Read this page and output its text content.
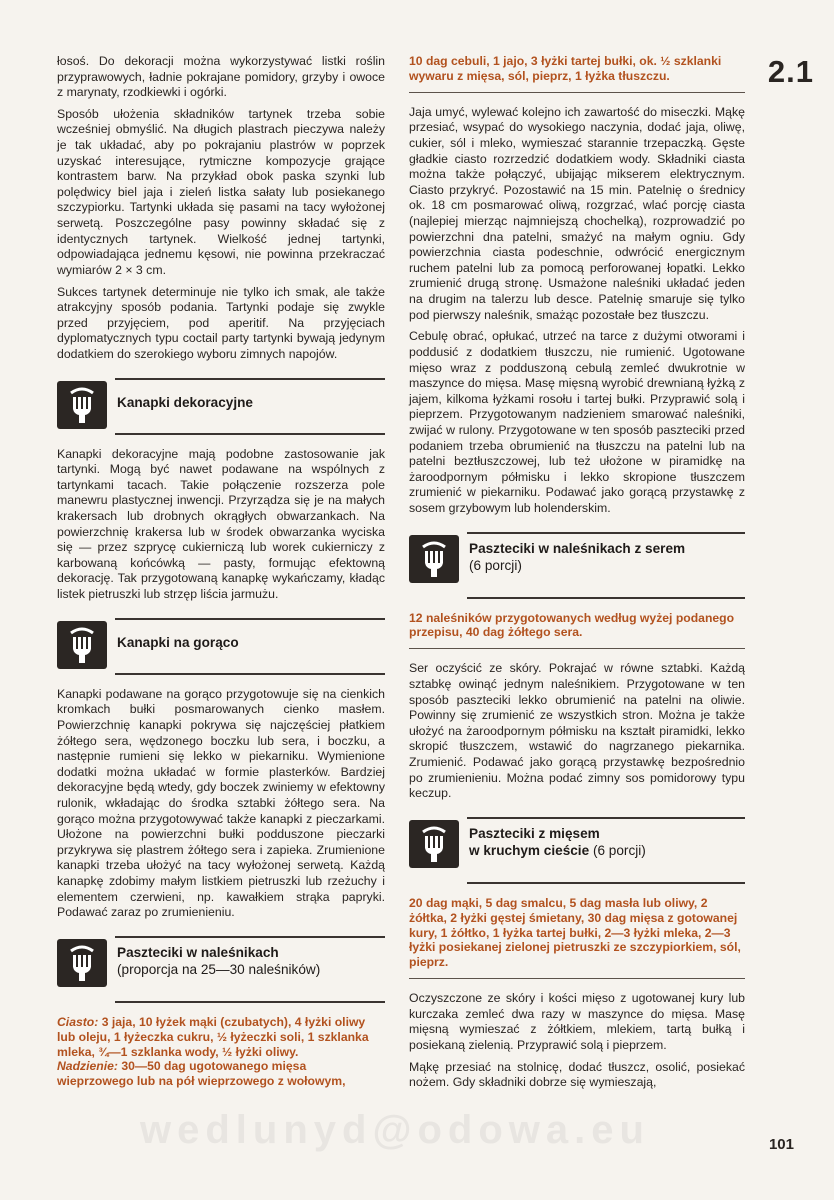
2.1

łosoś. Do dekoracji można wykorzystywać listki roślin przyprawowych, ładnie pokrajane pomidory, grzyby i owoce z marynaty, rzodkiewki i ogórki.

Sposób ułożenia składników tartynek trzeba sobie wcześniej obmyślić. Na długich plastrach pieczywa należy je tak układać, aby po pokrajaniu plastrów w poprzek uzyskać interesujące, rytmiczne kompozycje grające kontrastem barw. Na przykład obok paska szynki lub polędwicy biel jaja i zieleń listka sałaty lub posiekanego szczypiorku. Tartynki układa się pasami na tacy wyłożonej serwetą. Poszczególne pasy powinny składać się z identycznych tartynek. Wielkość jednej tartynki, odpowiadająca jednemu kęsowi, nie powinna przekraczać wymiarów 2 × 3 cm.

Sukces tartynek determinuje nie tylko ich smak, ale także atrakcyjny sposób podania. Tartynki podaje się zwykle przed przyjęciem, pod aperitif. Na przyjęciach dyplomatycznych typu coctail party tartynki bywają jedynym dodatkiem do szerokiego wyboru zimnych napojów.

Kanapki dekoracyjne

Kanapki dekoracyjne mają podobne zastosowanie jak tartynki. Mogą być nawet podawane na wspólnych z tartynkami tacach. Takie połączenie rozszerza pole manewru plastycznej inwencji. Przyrządza się je na małych krakersach lub drobnych okrągłych obwarzankach. Na powierzchnię krakersa lub w środek obwarzanka wyciska się — przez szprycę cukierniczą lub worek cukierniczy z karbowaną końcówką — pasty, formując efektowną dekorację. Tak przygotowaną kanapkę wykańczamy, kładąc listek pietruszki lub strzęp liścia jarmużu.

Kanapki na gorąco

Kanapki podawane na gorąco przygotowuje się na cienkich kromkach bułki posmarowanych cienko masłem. Powierzchnię kanapki pokrywa się najczęściej płatkiem żółtego sera, wędzonego boczku lub sera, i boczku, a następnie rumieni się lekko w piekarniku. Wymienione dodatki można układać w formie plasterków. Bardziej dekoracyjne będą wtedy, gdy boczek zwiniemy w efektowny rulonik, wkładając do środka sztabki żółtego sera. Na gorąco można przygotowywać także kanapki z pieczarkami. Ułożone na powierzchni bułki podduszone pieczarki przykrywa się plastrem żółtego sera i zapieka. Zrumienione kanapki trzeba ułożyć na tacy wyłożonej serwetą. Każdą kanapkę zdobimy małym listkiem pietruszki lub rzeżuchy i elementem czerwieni, np. kawałkiem strąka papryki. Podawać zaraz po zrumienieniu.

Paszteciki w naleśnikach
(proporcja na 25—30 naleśników)

Ciasto: 3 jaja, 10 łyżek mąki (czubatych), 4 łyżki oliwy lub oleju, 1 łyżeczka cukru, ½ łyżeczki soli, 1 szklanka mleka, ¾—1 szklanka wody, ½ łyżki oliwy.
Nadzienie: 30—50 dag ugotowanego mięsa wieprzowego lub na pół wieprzowego z wołowym,

10 dag cebuli, 1 jajo, 3 łyżki tartej bułki, ok. ½ szklanki wywaru z mięsa, sól, pieprz, 1 łyżka tłuszczu.

Jaja umyć, wylewać kolejno ich zawartość do miseczki. Mąkę przesiać, wsypać do wysokiego naczynia, dodać jaja, oliwę, cukier, sól i mleko, wymieszać starannie trzepaczką. Gęste gładkie ciasto rozrzedzić dodatkiem wody. Składniki ciasta można także połączyć, ubijając mikserem elektrycznym. Ciasto przykryć. Pozostawić na 15 min. Patelnię o średnicy ok. 18 cm posmarować oliwą, rozgrzać, wlać porcję ciasta (najlepiej mierząc najmniejszą chochelką), rozprowadzić po powierzchni dna patelni, smażyć na małym ogniu. Gdy powierzchnia ciasta podeschnie, odwrócić energicznym ruchem patelni lub za pomocą perforowanej łopatki. Lekko zrumienić drugą stronę. Usmażone naleśniki układać jeden na drugim na talerzu lub desce. Patelnię smaruje się tylko pod pierwszy naleśnik, smażąc pozostałe bez tłuszczu.

Cebulę obrać, opłukać, utrzeć na tarce z dużymi otworami i poddusić z dodatkiem tłuszczu, nie rumienić. Ugotowane mięso wraz z podduszoną cebulą zemleć dwukrotnie w maszynce do mięsa. Masę mięsną wyrobić drewnianą łyżką z jajem, kilkoma łyżkami rosołu i tartej bułki. Przyprawić solą i pieprzem. Przygotowanym nadzieniem smarować naleśniki, zwijać w rulony. Przygotowane w ten sposób paszteciki przed podaniem trzeba obrumienić na tłuszczu na patelni lub na patelni beztłuszczowej, lub też ułożone w piramidkę na żaroodpornym półmisku i lekko skropione tłuszczem zrumienić w piekarniku. Podawać jako gorącą przystawkę z sosem grzybowym lub holenderskim.

Paszteciki w naleśnikach z serem
(6 porcji)

12 naleśników przygotowanych według wyżej podanego przepisu, 40 dag żółtego sera.

Ser oczyścić ze skóry. Pokrajać w równe sztabki. Każdą sztabkę owinąć jednym naleśnikiem. Przygotowane w ten sposób paszteciki lekko obrumienić na patelni na oliwie. Powinny się zrumienić ze wszystkich stron. Można je także ułożyć na żaroodpornym półmisku na kształt piramidki, lekko skropić tłuszczem, wstawić do nagrzanego piekarnika. Zrumienić. Podawać jako gorącą przystawkę bezpośrednio po zrumienieniu. Można podać zimny sos pomidorowy typu keczup.

Paszteciki z mięsem
w kruchym cieście (6 porcji)

20 dag mąki, 5 dag smalcu, 5 dag masła lub oliwy, 2 żółtka, 2 łyżki gęstej śmietany, 30 dag mięsa z gotowanej kury, 1 żółtko, 1 łyżka tartej bułki, 2—3 łyżki mleka, 2—3 łyżki posiekanej zielonej pietruszki ze szczypiorkiem, sól, pieprz.

Oczyszczone ze skóry i kości mięso z ugotowanej kury lub kurczaka zemleć dwa razy w maszynce do mięsa. Masę mięsną wymieszać z żółtkiem, mlekiem, tartą bułką i posiekaną zielenią. Przyprawić solą i pieprzem.

Mąkę przesiać na stolnicę, dodać tłuszcz, osolić, posiekać nożem. Gdy składniki dobrze się wymieszają,

wedlunyd@odowa.eu	101
